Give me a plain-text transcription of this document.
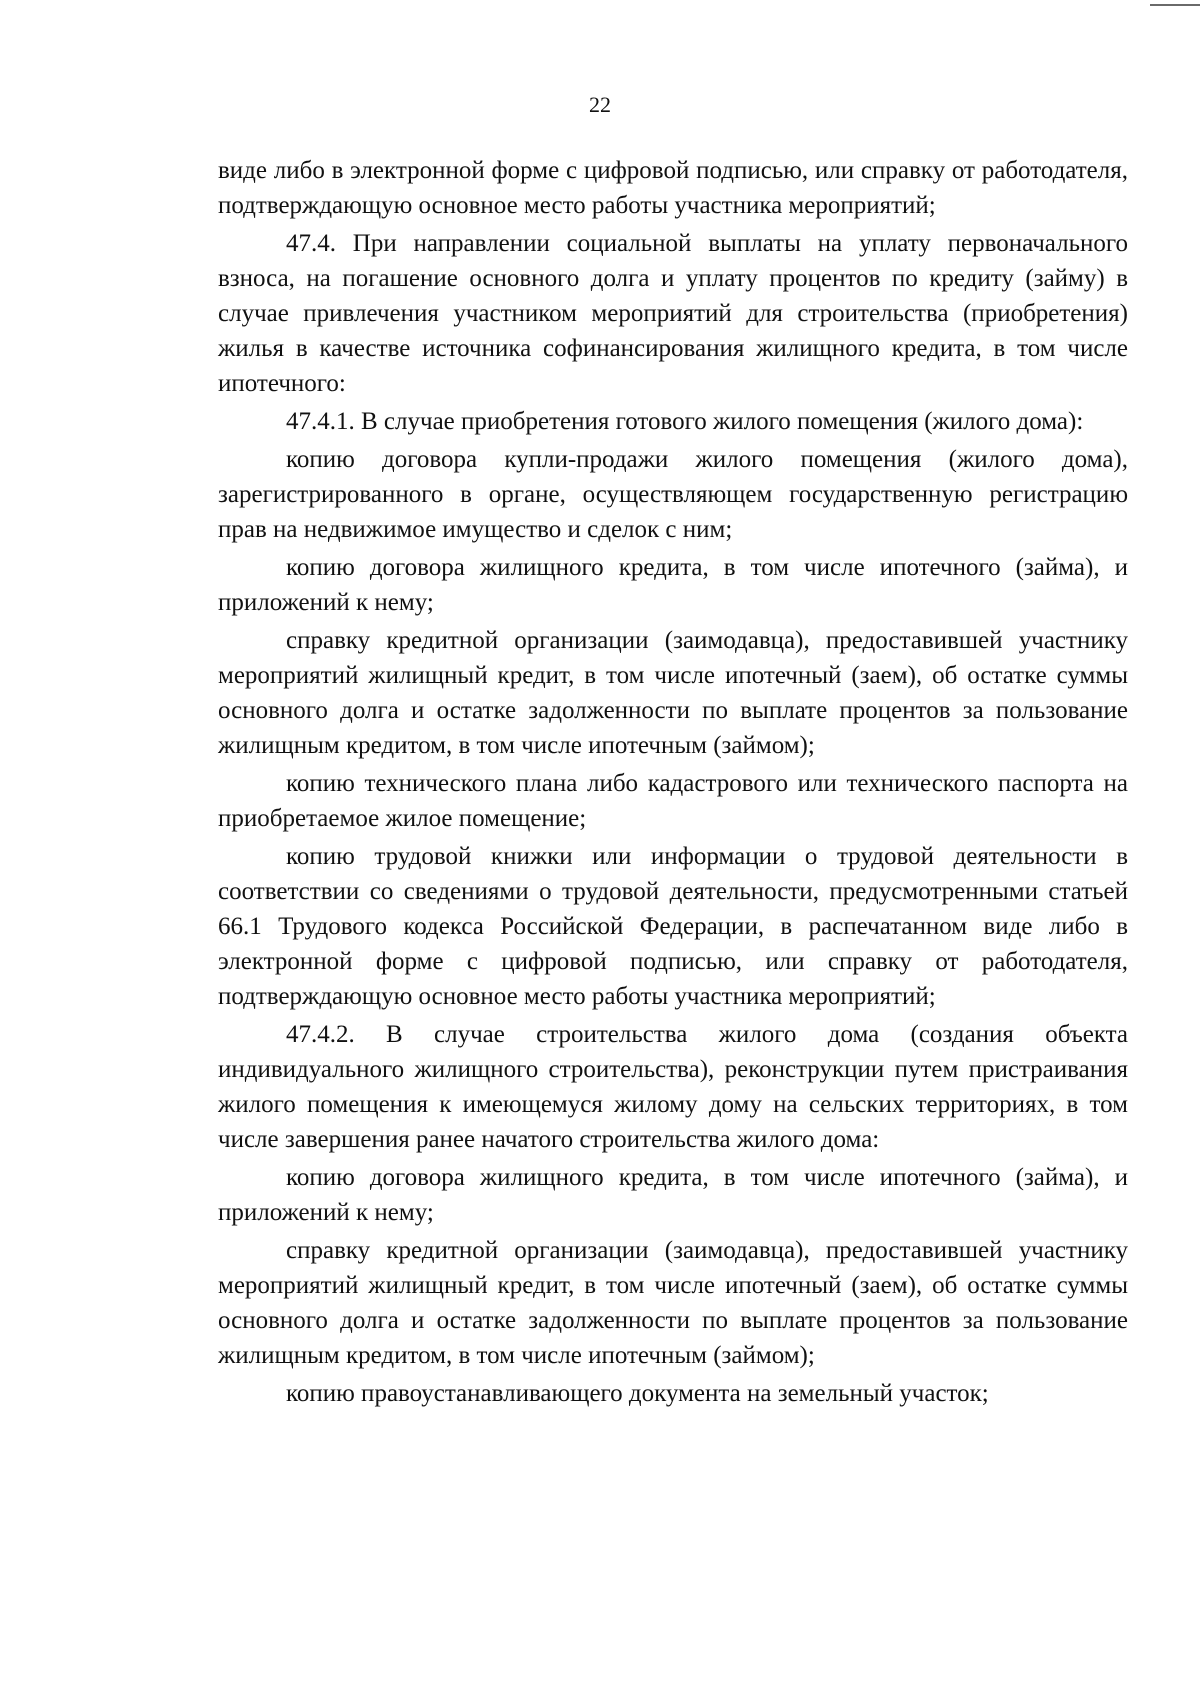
22

виде либо в электронной форме с цифровой подписью, или справку от работодателя, подтверждающую основное место работы участника мероприятий;

47.4. При направлении социальной выплаты на уплату первоначального взноса, на погашение основного долга и уплату процентов по кредиту (займу) в случае привлечения участником мероприятий для строительства (приобретения) жилья в качестве источника софинансирования жилищного кредита, в том числе ипотечного:

47.4.1. В случае приобретения готового жилого помещения (жилого дома):

копию договора купли-продажи жилого помещения (жилого дома), зарегистрированного в органе, осуществляющем государственную регистрацию прав на недвижимое имущество и сделок с ним;

копию договора жилищного кредита, в том числе ипотечного (займа), и приложений к нему;

справку кредитной организации (заимодавца), предоставившей участнику мероприятий жилищный кредит, в том числе ипотечный (заем), об остатке суммы основного долга и остатке задолженности по выплате процентов за пользование жилищным кредитом, в том числе ипотечным (займом);

копию технического плана либо кадастрового или технического паспорта на приобретаемое жилое помещение;

копию трудовой книжки или информации о трудовой деятельности в соответствии со сведениями о трудовой деятельности, предусмотренными статьей 66.1 Трудового кодекса Российской Федерации, в распечатанном виде либо в электронной форме с цифровой подписью, или справку от работодателя, подтверждающую основное место работы участника мероприятий;

47.4.2. В случае строительства жилого дома (создания объекта индивидуального жилищного строительства), реконструкции путем пристраивания жилого помещения к имеющемуся жилому дому на сельских территориях, в том числе завершения ранее начатого строительства жилого дома:

копию договора жилищного кредита, в том числе ипотечного (займа), и приложений к нему;

справку кредитной организации (заимодавца), предоставившей участнику мероприятий жилищный кредит, в том числе ипотечный (заем), об остатке суммы основного долга и остатке задолженности по выплате процентов за пользование жилищным кредитом, в том числе ипотечным (займом);

копию правоустанавливающего документа на земельный участок;
